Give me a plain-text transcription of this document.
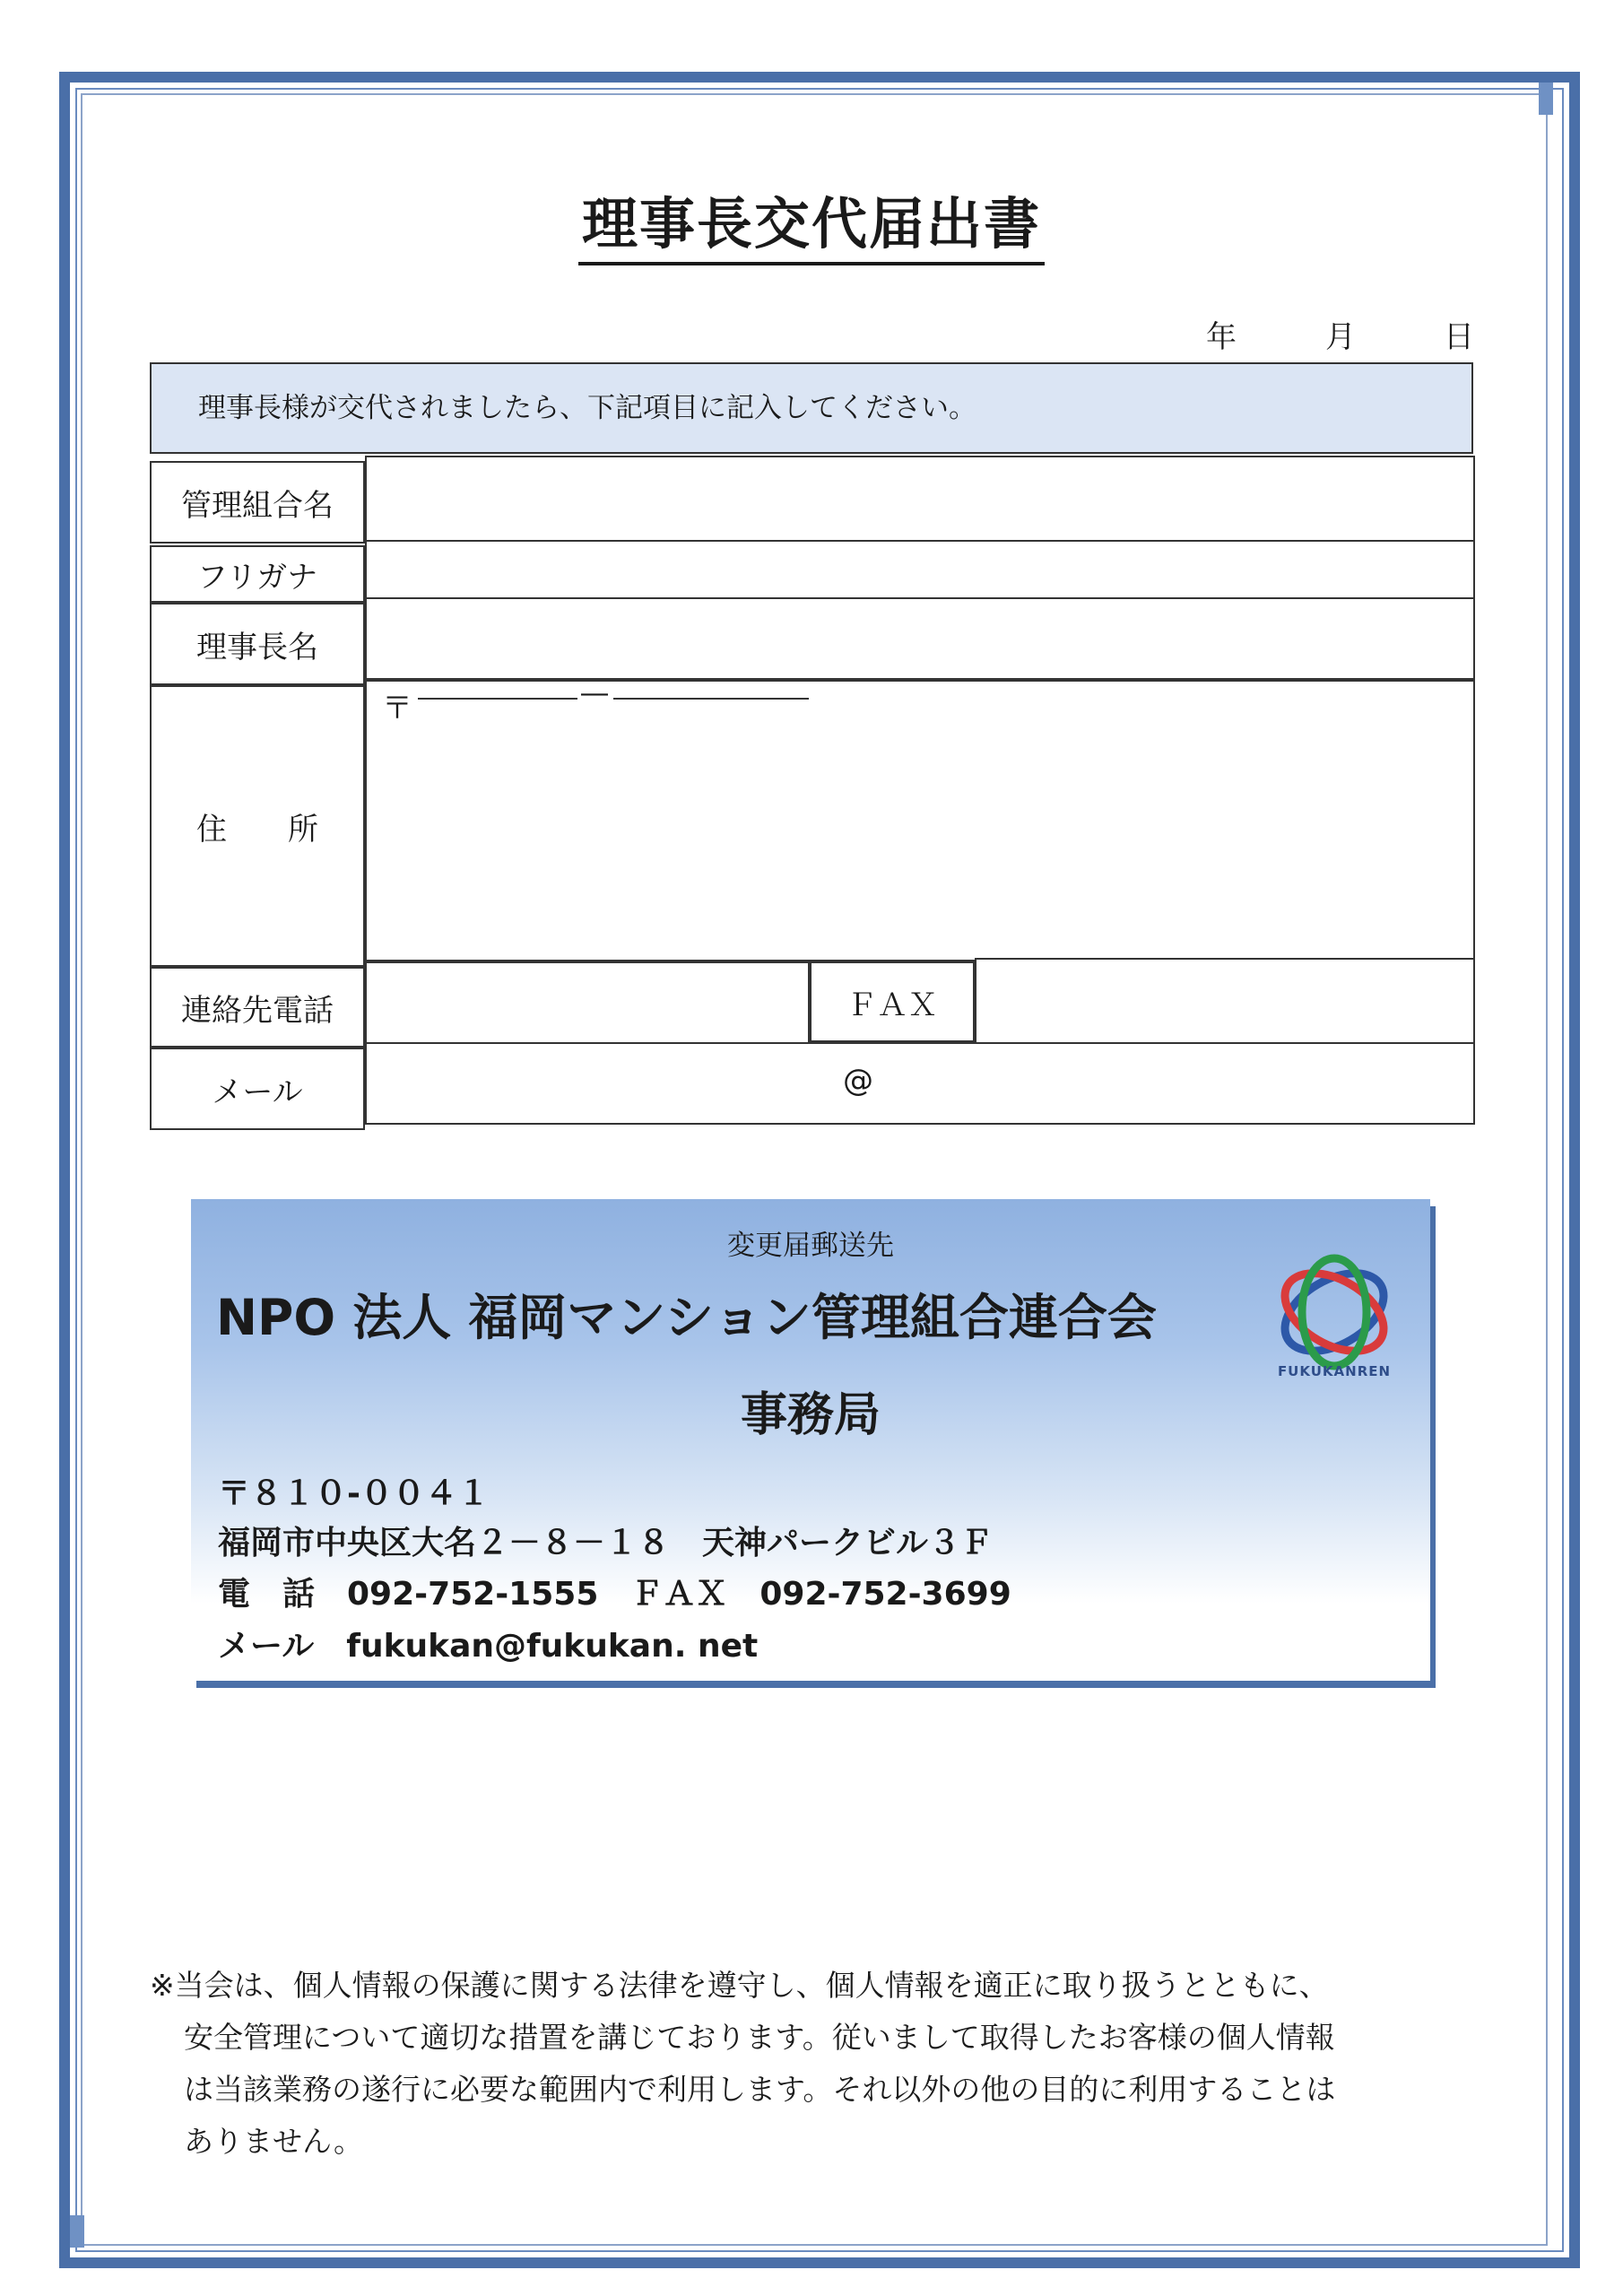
理事長交代届出書
年	月	日
理事長様が交代されましたら、下記項目に記入してください。
管理組合名
フリガナ
理事長名
住　　所
〒	―
連絡先電話	ＦＡＸ
メール	@
変更届郵送先
NPO 法人 福岡マンション管理組合連合会
FUKUKANREN
事務局
〒８１０-００４１
福岡市中央区大名２－８－１８　天神パークビル３Ｆ
電　話　092-752-1555　ＦＡＸ　092-752-3699
メール　fukukan@fukukan. net

※当会は、個人情報の保護に関する法律を遵守し、個人情報を適正に取り扱うとともに、

安全管理について適切な措置を講じております。従いまして取得したお客様の個人情報

は当該業務の遂行に必要な範囲内で利用します。それ以外の他の目的に利用することは

ありません。
